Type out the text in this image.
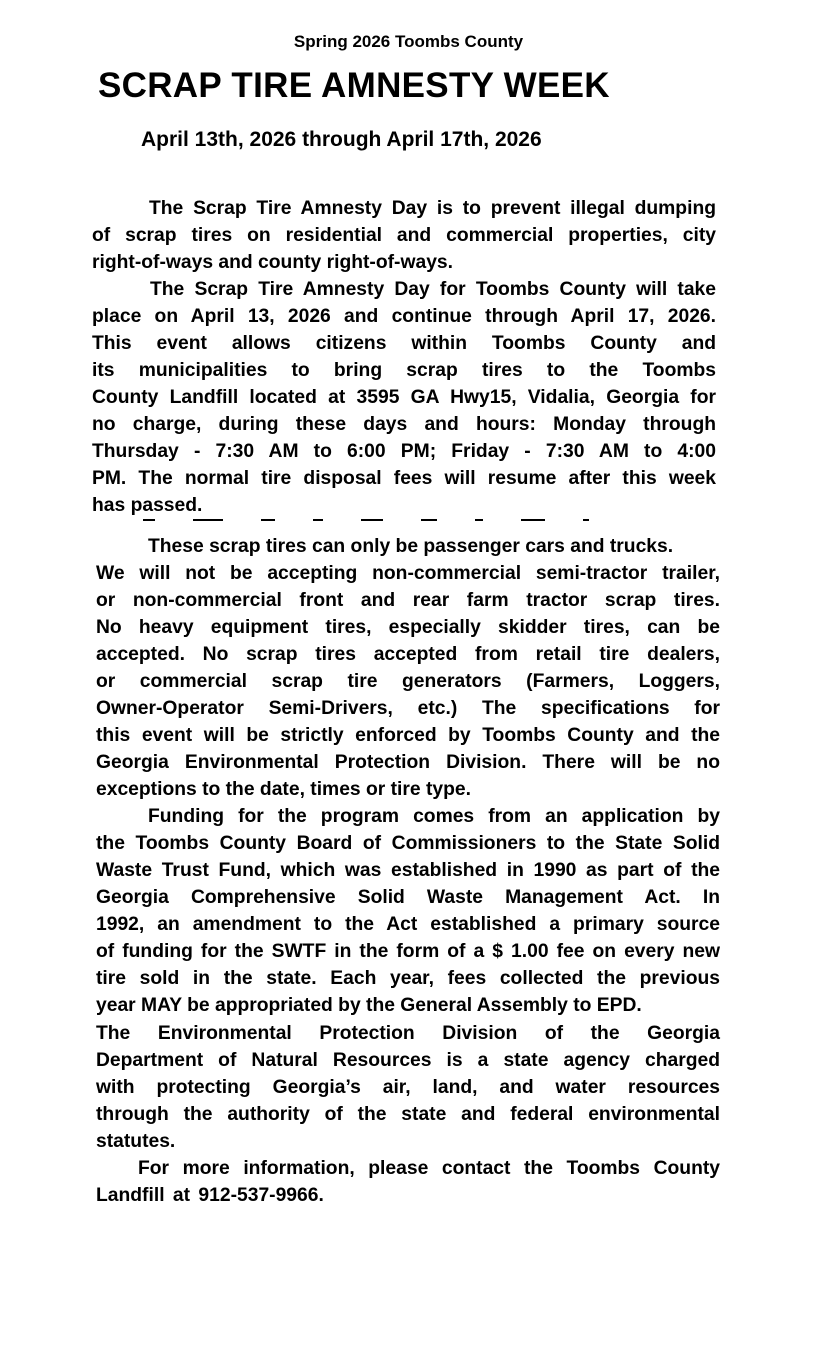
Spring 2026 Toombs County
SCRAP TIRE AMNESTY WEEK
April 13th, 2026 through April 17th, 2026
The Scrap Tire Amnesty Day is to prevent illegal dumping
of scrap tires on residential and commercial properties, city
right-of-ways and county right-of-ways.
The Scrap Tire Amnesty Day for Toombs County will take
place on April 13, 2026 and continue through April 17, 2026.
This event allows citizens within Toombs County and
its municipalities to bring scrap tires to the Toombs
County Landfill located at 3595 GA Hwy15, Vidalia, Georgia for
no charge, during these days and hours: Monday through
Thursday - 7:30 AM to 6:00 PM; Friday - 7:30 AM to 4:00
PM. The normal tire disposal fees will resume after this week
has passed.
These scrap tires can only be passenger cars and trucks.
We will not be accepting non-commercial semi-tractor trailer,
or non-commercial front and rear farm tractor scrap tires.
No heavy equipment tires, especially skidder tires, can be
accepted. No scrap tires accepted from retail tire dealers,
or commercial scrap tire generators (Farmers, Loggers,
Owner-Operator Semi-Drivers, etc.) The specifications for
this event will be strictly enforced by Toombs County and the
Georgia Environmental Protection Division. There will be no
exceptions to the date, times or tire type.
Funding for the program comes from an application by
the Toombs County Board of Commissioners to the State Solid
Waste Trust Fund, which was established in 1990 as part of the
Georgia Comprehensive Solid Waste Management Act. In
1992, an amendment to the Act established a primary source
of funding for the SWTF in the form of a $ 1.00 fee on every new
tire sold in the state. Each year, fees collected the previous
year MAY be appropriated by the General Assembly to EPD.
The Environmental Protection Division of the Georgia
Department of Natural Resources is a state agency charged
with protecting Georgia’s air, land, and water resources
through the authority of the state and federal environmental
statutes.
For more information, please contact the Toombs County
Landfill at 912-537-9966.
